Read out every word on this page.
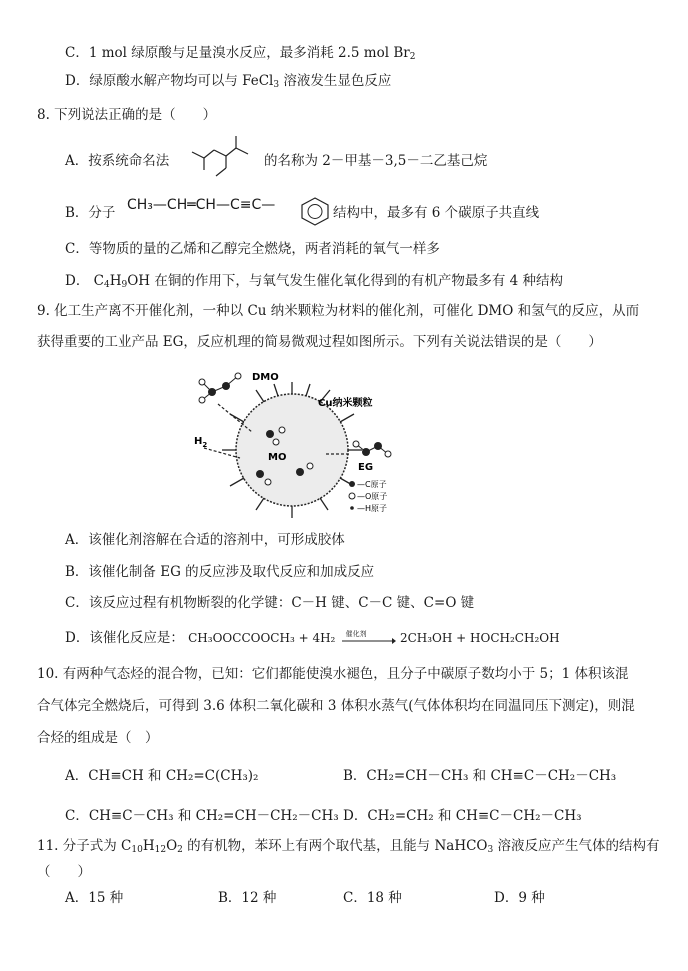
C．1 mol 绿原酸与足量溴水反应，最多消耗 2.5 mol $Br_2$
D．绿原酸水解产物均可以与 FeCl$_3$ 溶液发生显色反应
8. 下列说法正确的是（　　）
A．按系统命名法	的名称为 2－甲基－3,5－二乙基己烷
B．分子 CH₃—CH═CH—C≡C—	结构中，最多有 6 个碳原子共直线
C．等物质的量的乙烯和乙醇完全燃烧，两者消耗的氧气一样多
D． $C_4H_9OH$ 在铜的作用下，与氧气发生催化氧化得到的有机产物最多有 4 种结构
9. 化工生产离不开催化剂，一种以 Cu 纳米颗粒为材料的催化剂，可催化 DMO 和氢气的反应，从而
获得重要的工业产品 EG，反应机理的简易微观过程如图所示。下列有关说法错误的是（　　）
DMO
Cu纳米颗粒
$H_2$
MO
EG
—C原子
—O原子
—H原子
A．该催化剂溶解在合适的溶剂中，可形成胶体
B．该催化制备 EG 的反应涉及取代反应和加成反应
C．该反应过程有机物断裂的化学键：C－H 键、C－C 键、C=O 键
D．该催化反应是： CH₃OOCCOOCH₃ + 4H₂ 催化剂	2CH₃OH + HOCH₂CH₂OH
10. 有两种气态烃的混合物，已知：它们都能使溴水褪色，且分子中碳原子数均小于 5；1 体积该混
合气体完全燃烧后，可得到 3.6 体积二氧化碳和 3 体积水蒸气(气体体积均在同温同压下测定)，则混
合烃的组成是（　）
A．CH≡CH 和 CH₂=C(CH₃)₂	B．CH₂=CH－CH₃ 和 CH≡C－CH₂－CH₃
C．CH≡C－CH₃ 和 CH₂=CH－CH₂－CH₃ D．CH₂=CH₂ 和 CH≡C－CH₂－CH₃
11. 分子式为 $C_{10}H_{12}O_2$ 的有机物，苯环上有两个取代基，且能与 NaHCO$_3$ 溶液反应产生气体的结构有
（　　）
A．15 种	B．12 种	C．18 种	D．9 种
